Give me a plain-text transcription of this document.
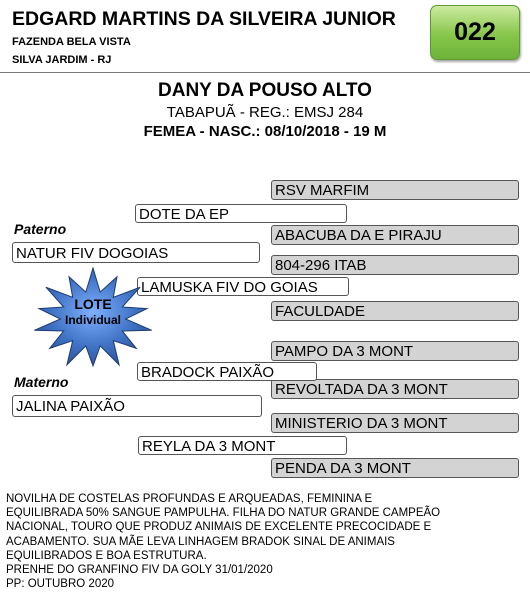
EDGARD MARTINS DA SILVEIRA JUNIOR
FAZENDA BELA VISTA
SILVA JARDIM - RJ
022
DANY DA POUSO ALTO
TABAPUÃ - REG.: EMSJ 284
FEMEA - NASC.: 08/10/2018 - 19 M
RSV MARFIM
ABACUBA DA E PIRAJU
804-296 ITAB
FACULDADE
PAMPO DA 3 MONT
REVOLTADA DA 3 MONT
MINISTERIO DA 3 MONT
PENDA DA 3 MONT
DOTE DA EP
LAMUSKA FIV DO GOIAS
BRADOCK PAIXÃO
REYLA DA 3 MONT
Paterno
NATUR FIV DOGOIAS
Materno
JALINA PAIXÃO
LOTE
Individual
NOVILHA DE COSTELAS PROFUNDAS E ARQUEADAS, FEMININA E
EQUILIBRADA 50% SANGUE PAMPULHA. FILHA DO NATUR GRANDE CAMPEÃO
NACIONAL, TOURO QUE PRODUZ ANIMAIS DE EXCELENTE PRECOCIDADE E
ACABAMENTO. SUA MÃE LEVA LINHAGEM BRADOK SINAL DE ANIMAIS
EQUILIBRADOS E BOA ESTRUTURA.
PRENHE DO GRANFINO FIV DA GOLY 31/01/2020
PP: OUTUBRO 2020
